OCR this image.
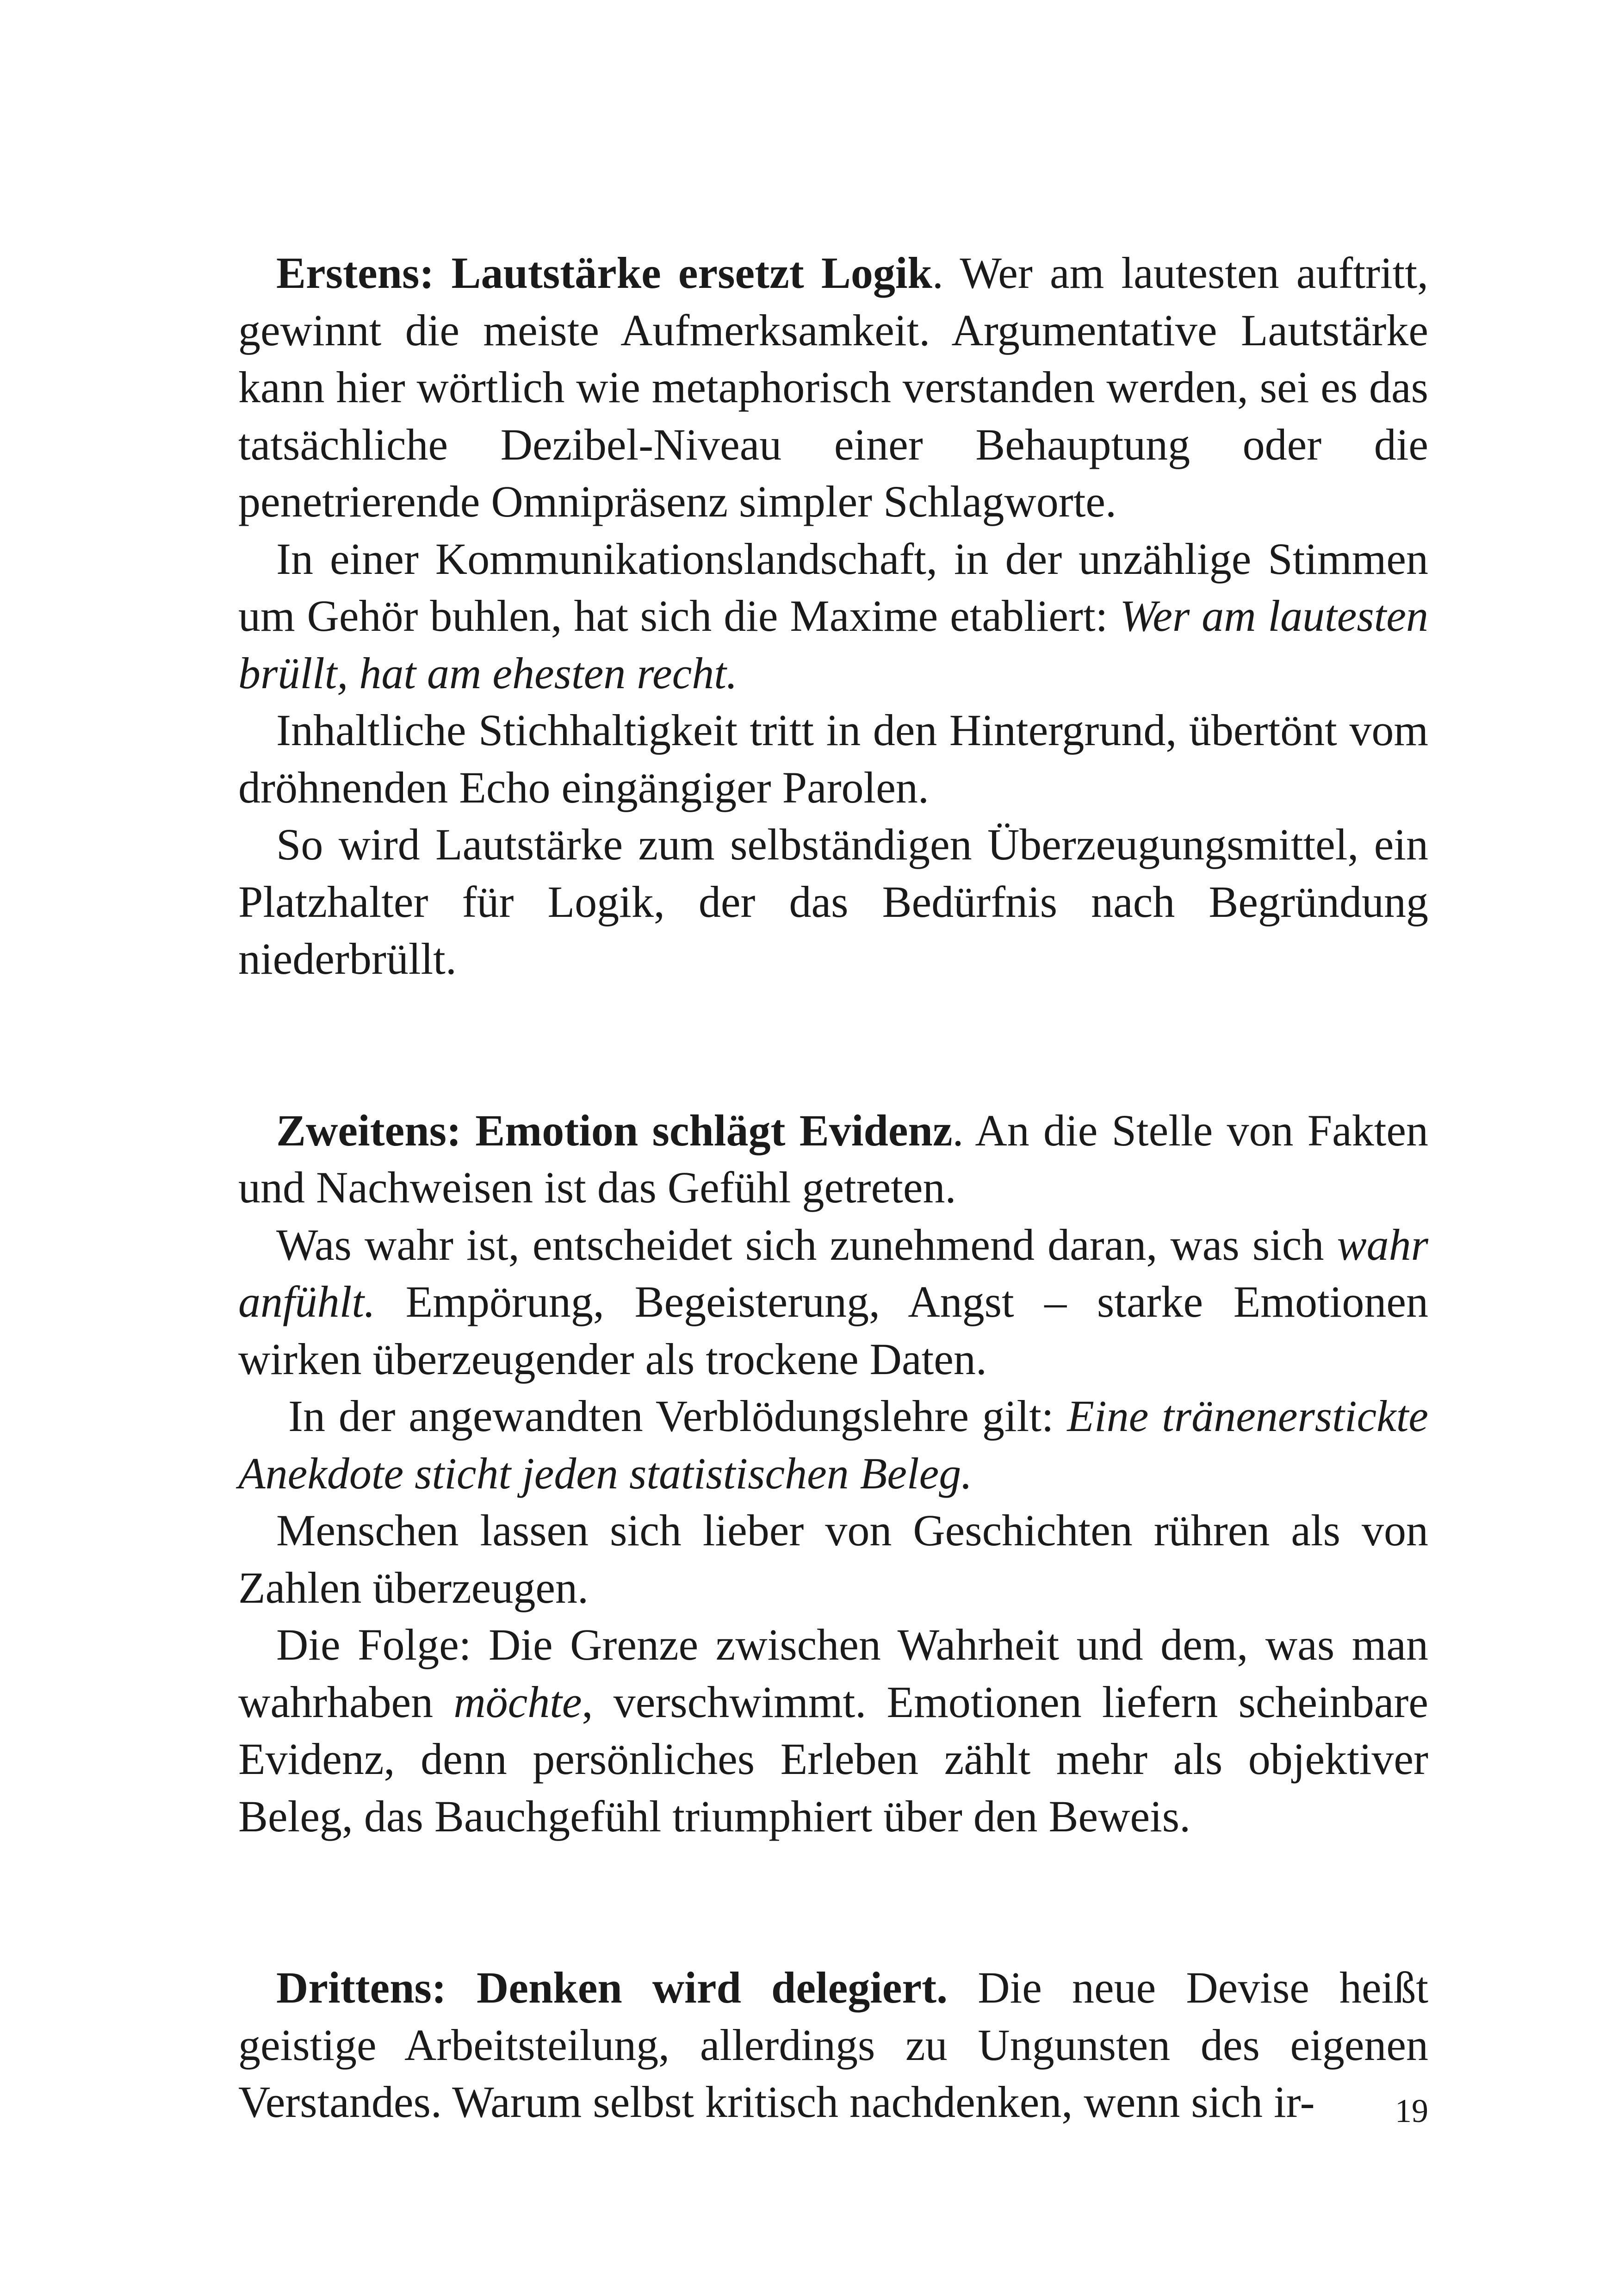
Erstens: Lautstärke ersetzt Logik. Wer am lautesten auftritt, gewinnt die meiste Aufmerksamkeit. Argumentative Lautstärke kann hier wörtlich wie metaphorisch verstanden werden, sei es das tatsächliche Dezibel-Niveau einer Behauptung oder die penetrierende Omnipräsenz simpler Schlagworte.

In einer Kommunikationslandschaft, in der unzählige Stimmen um Gehör buhlen, hat sich die Maxime etabliert: Wer am lautesten brüllt, hat am ehesten recht.

Inhaltliche Stichhaltigkeit tritt in den Hintergrund, übertönt vom dröhnenden Echo eingängiger Parolen.

So wird Lautstärke zum selbständigen Überzeugungsmittel, ein Platzhalter für Logik, der das Bedürfnis nach Begründung niederbrüllt.

Zweitens: Emotion schlägt Evidenz. An die Stelle von Fakten und Nachweisen ist das Gefühl getreten.

Was wahr ist, entscheidet sich zunehmend daran, was sich wahr anfühlt. Empörung, Begeisterung, Angst – starke Emotionen wirken überzeugender als trockene Daten.

In der angewandten Verblödungslehre gilt: Eine tränenerstickte Anekdote sticht jeden statistischen Beleg.

Menschen lassen sich lieber von Geschichten rühren als von Zahlen überzeugen.

Die Folge: Die Grenze zwischen Wahrheit und dem, was man wahrhaben möchte, verschwimmt. Emotionen liefern scheinbare Evidenz, denn persönliches Erleben zählt mehr als objektiver Beleg, das Bauchgefühl triumphiert über den Beweis.

Drittens: Denken wird delegiert. Die neue Devise heißt geistige Arbeitsteilung, allerdings zu Ungunsten des eigenen Verstandes. Warum selbst kritisch nachdenken, wenn sich ir-	19
